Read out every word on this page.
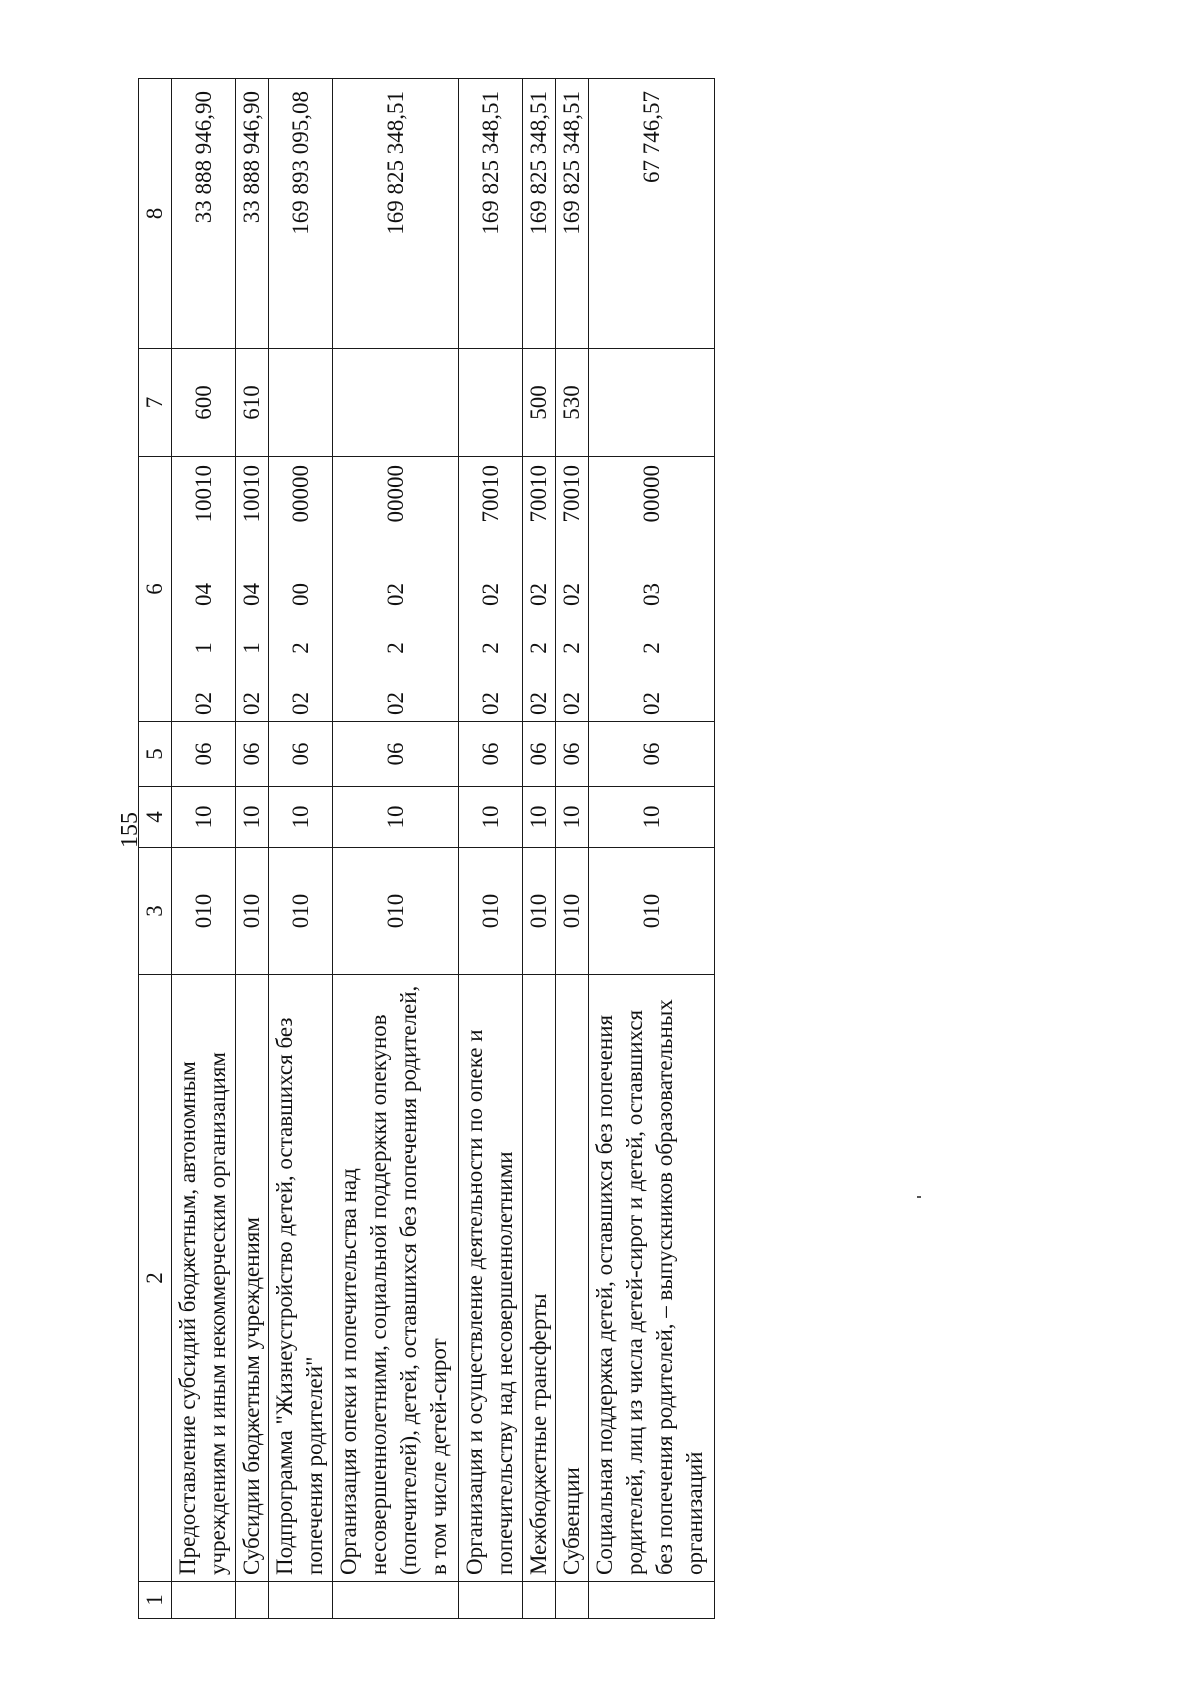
155
1	2	3	4	5	6				7	8
	Предоставление субсидий бюджетным, автономным учреждениям и иным некоммерческим организациям	010	10	06	02	1	04	10010	600	33 888 946,90
	Субсидии бюджетным учреждениям	010	10	06	02	1	04	10010	610	33 888 946,90
	Подпрограмма "Жизнеустройство детей, оставшихся без попечения родителей"	010	10	06	02	2	00	00000		169 893 095,08
	Организация опеки и попечительства над несовершеннолетними, социальной поддержки опекунов (попечителей), детей, оставшихся без попечения родителей, в том числе детей-сирот	010	10	06	02	2	02	00000		169 825 348,51
	Организация и осуществление деятельности по опеке и попечительству над несовершеннолетними	010	10	06	02	2	02	70010		169 825 348,51
	Межбюджетные трансферты	010	10	06	02	2	02	70010	500	169 825 348,51
	Субвенции	010	10	06	02	2	02	70010	530	169 825 348,51
	Социальная поддержка детей, оставшихся без попечения родителей, лиц из числа детей-сирот и детей, оставшихся без попечения родителей, – выпускников образовательных организаций	010	10	06	02	2	03	00000		67 746,57
